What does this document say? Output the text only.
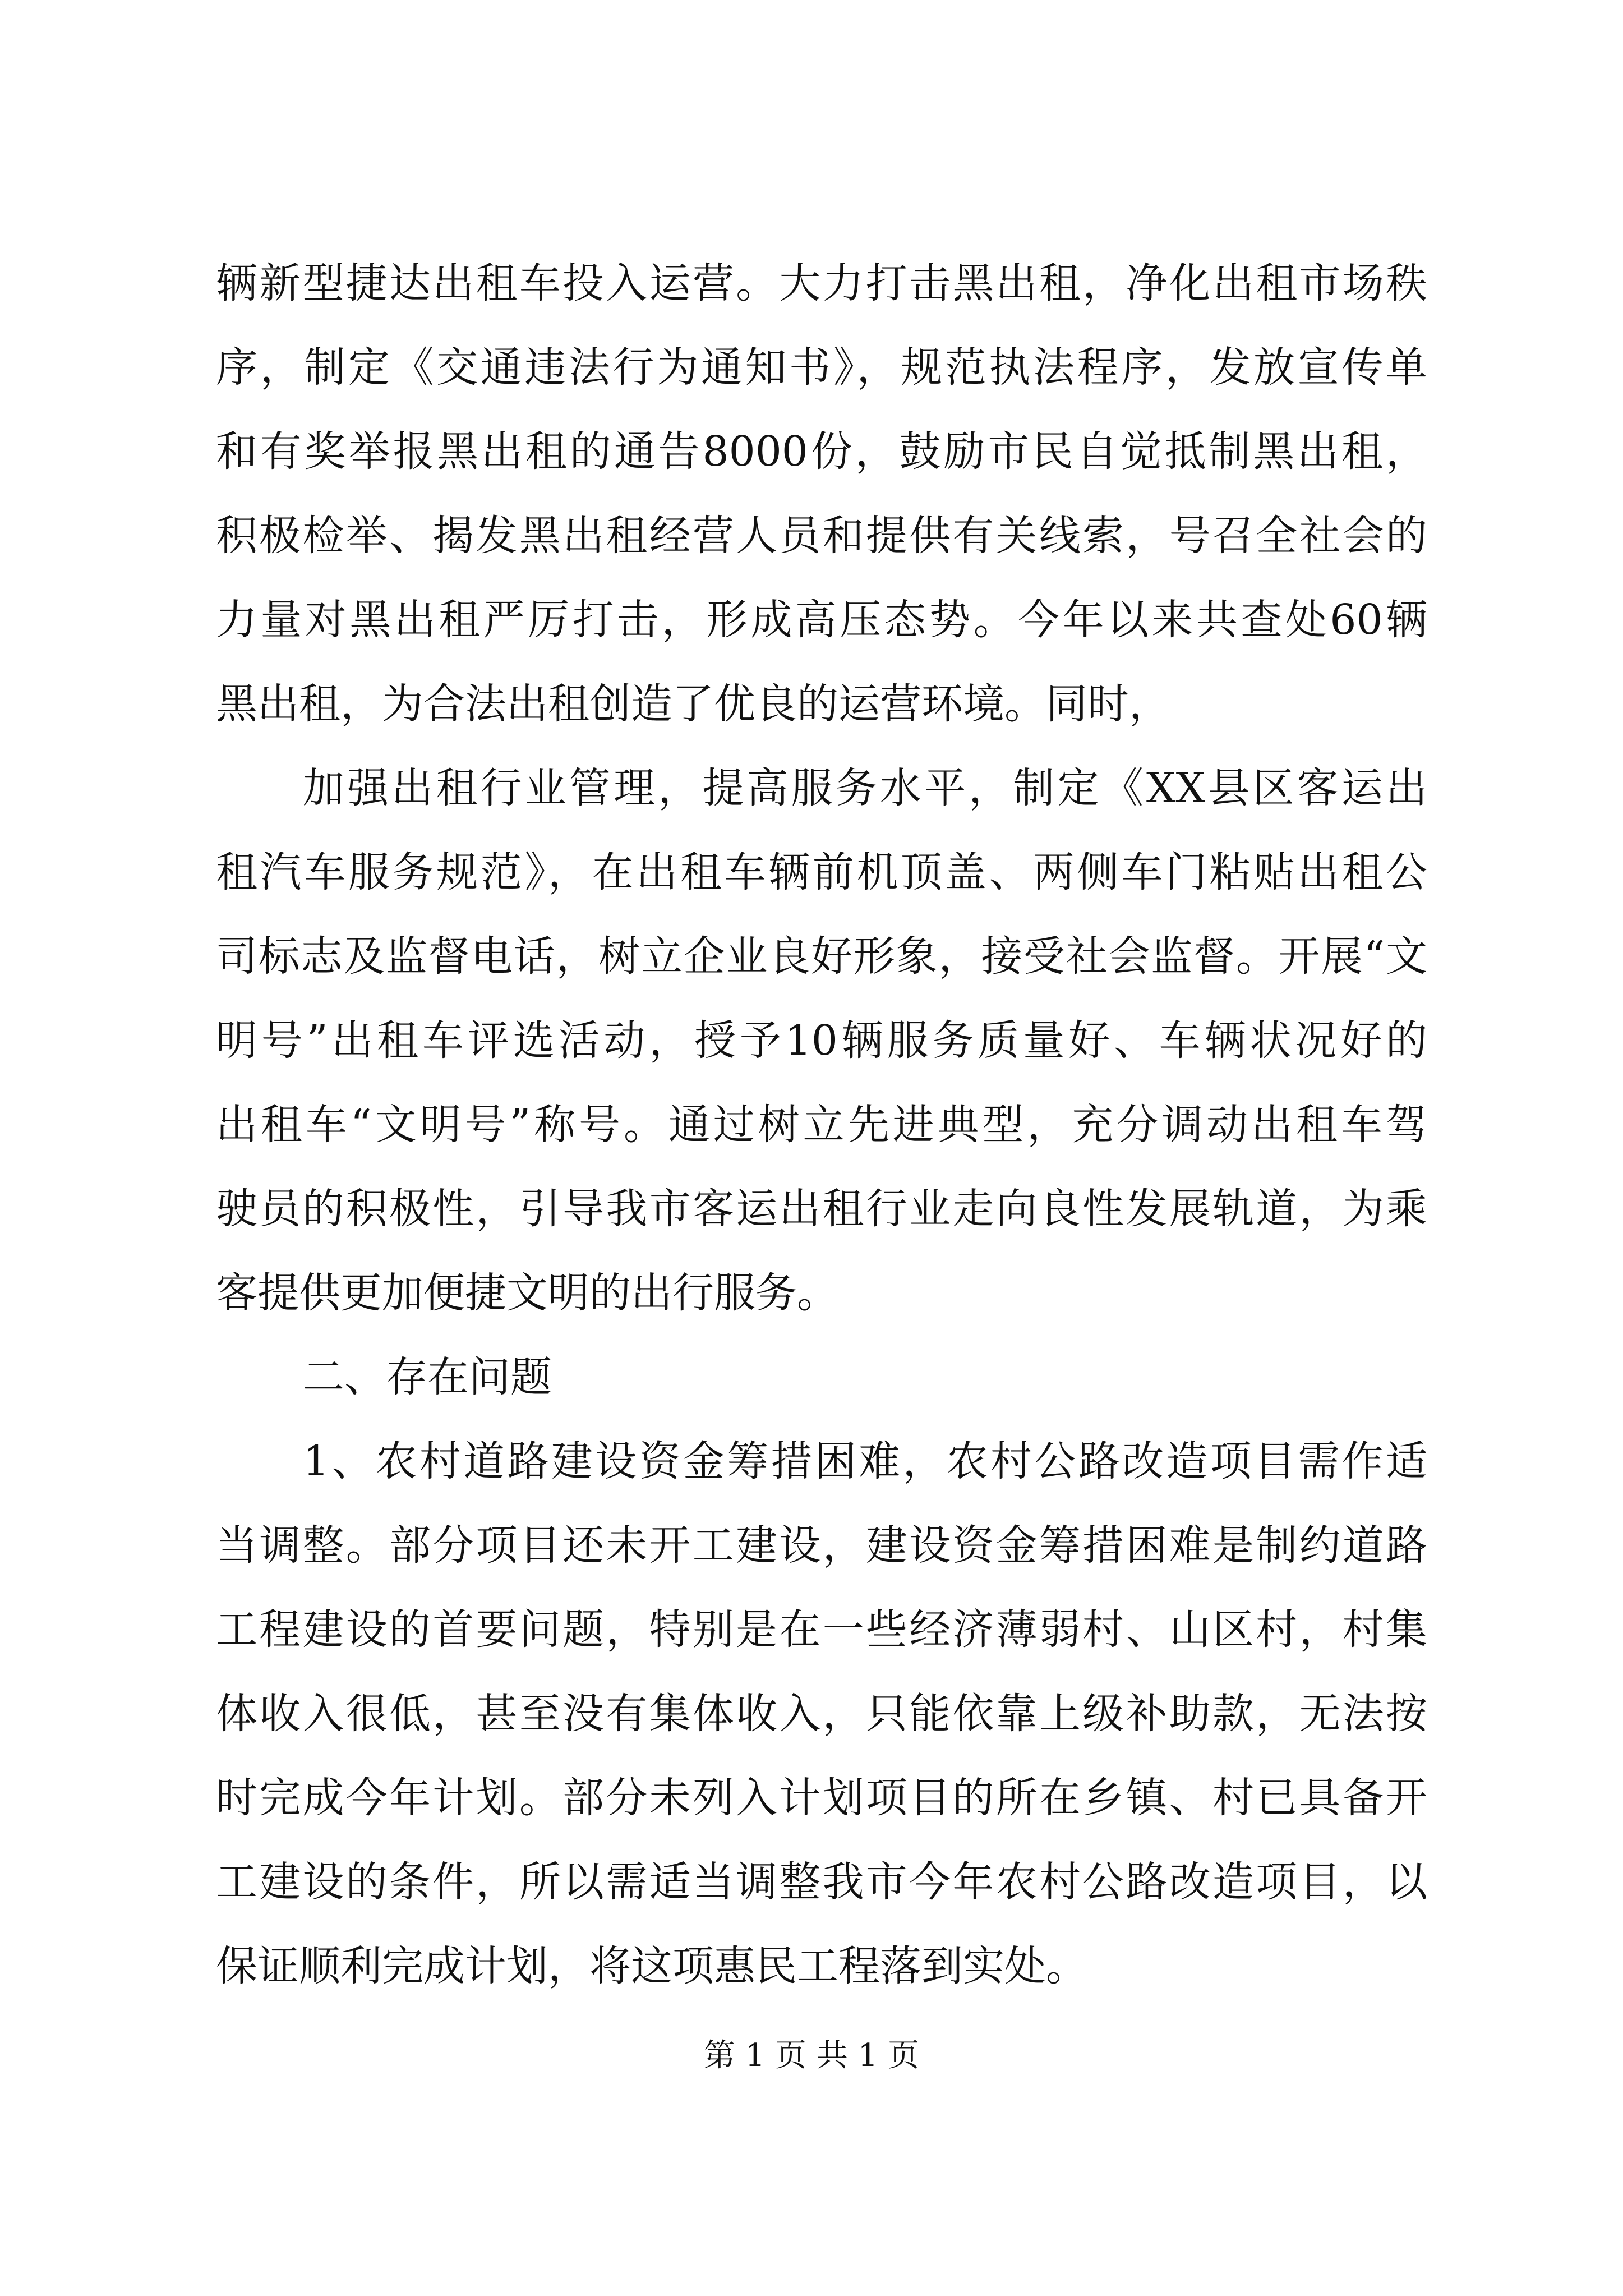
辆新型捷达出租车投入运营。大力打击黑出租，净化出租市场秩
序，制定《交通违法行为通知书》，规范执法程序，发放宣传单
和有奖举报黑出租的通告8000份，鼓励市民自觉抵制黑出租，
积极检举、揭发黑出租经营人员和提供有关线索，号召全社会的
力量对黑出租严厉打击，形成高压态势。今年以来共查处60辆
黑出租，为合法出租创造了优良的运营环境。同时，
加强出租行业管理，提高服务水平，制定《XX县区客运出
租汽车服务规范》，在出租车辆前机顶盖、两侧车门粘贴出租公
司标志及监督电话，树立企业良好形象，接受社会监督。开展“文
明号”出租车评选活动，授予10辆服务质量好、车辆状况好的
出租车“文明号”称号。通过树立先进典型，充分调动出租车驾
驶员的积极性，引导我市客运出租行业走向良性发展轨道，为乘
客提供更加便捷文明的出行服务。
二、存在问题
1、农村道路建设资金筹措困难，农村公路改造项目需作适
当调整。部分项目还未开工建设，建设资金筹措困难是制约道路
工程建设的首要问题，特别是在一些经济薄弱村、山区村，村集
体收入很低，甚至没有集体收入，只能依靠上级补助款，无法按
时完成今年计划。部分未列入计划项目的所在乡镇、村已具备开
工建设的条件，所以需适当调整我市今年农村公路改造项目，以
保证顺利完成计划，将这项惠民工程落到实处。
第 1 页 共 1 页
